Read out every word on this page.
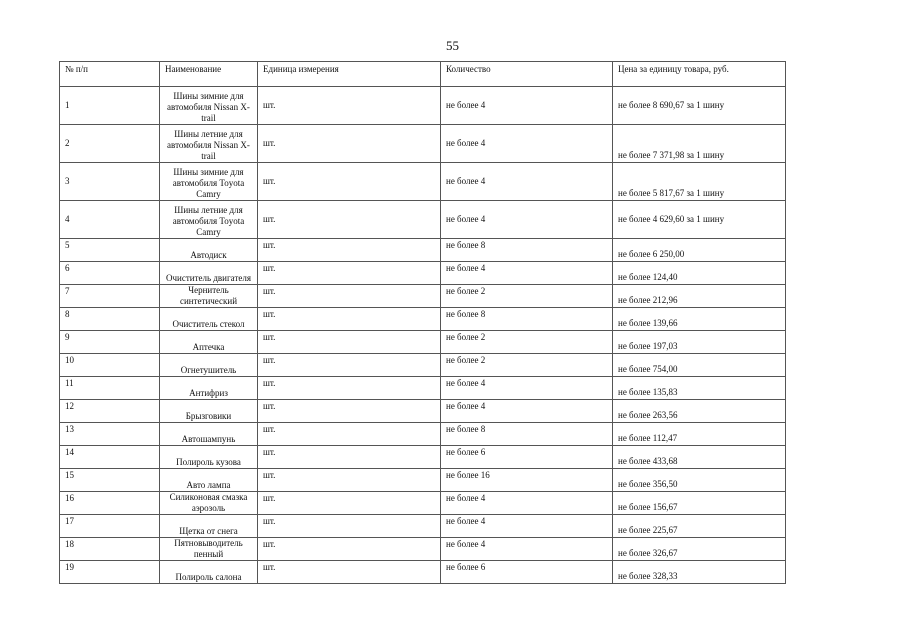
55
№ п/п	Наименование	Единица измерения	Количество	Цена за единицу товара, руб.
1	Шины зимние для автомобиля Nissan X-trail	шт.	не более 4	не более 8 690,67 за 1 шину
2	Шины летние для автомобиля Nissan X-trail	шт.	не более 4	не более 7 371,98 за 1 шину
3	Шины зимние для автомобиля Toyota Camry	шт.	не более 4	не более 5 817,67 за 1 шину
4	Шины летние для автомобиля Toyota Camry	шт.	не более 4	не более 4 629,60 за 1 шину
5	Автодиск	шт.	не более 8	не более 6 250,00
6	Очиститель двигателя	шт.	не более 4	не более 124,40
7	Чернитель синтетический	шт.	не более 2	не более 212,96
8	Очиститель стекол	шт.	не более 8	не более 139,66
9	Аптечка	шт.	не более 2	не более 197,03
10	Огнетушитель	шт.	не более 2	не более 754,00
11	Антифриз	шт.	не более 4	не более 135,83
12	Брызговики	шт.	не более 4	не более 263,56
13	Автошампунь	шт.	не более 8	не более 112,47
14	Полироль кузова	шт.	не более 6	не более 433,68
15	Авто лампа	шт.	не более 16	не более 356,50
16	Силиконовая смазка аэрозоль	шт.	не более 4	не более 156,67
17	Щетка от снега	шт.	не более 4	не более 225,67
18	Пятновыводитель пенный	шт.	не более 4	не более 326,67
19	Полироль салона	шт.	не более 6	не более 328,33
